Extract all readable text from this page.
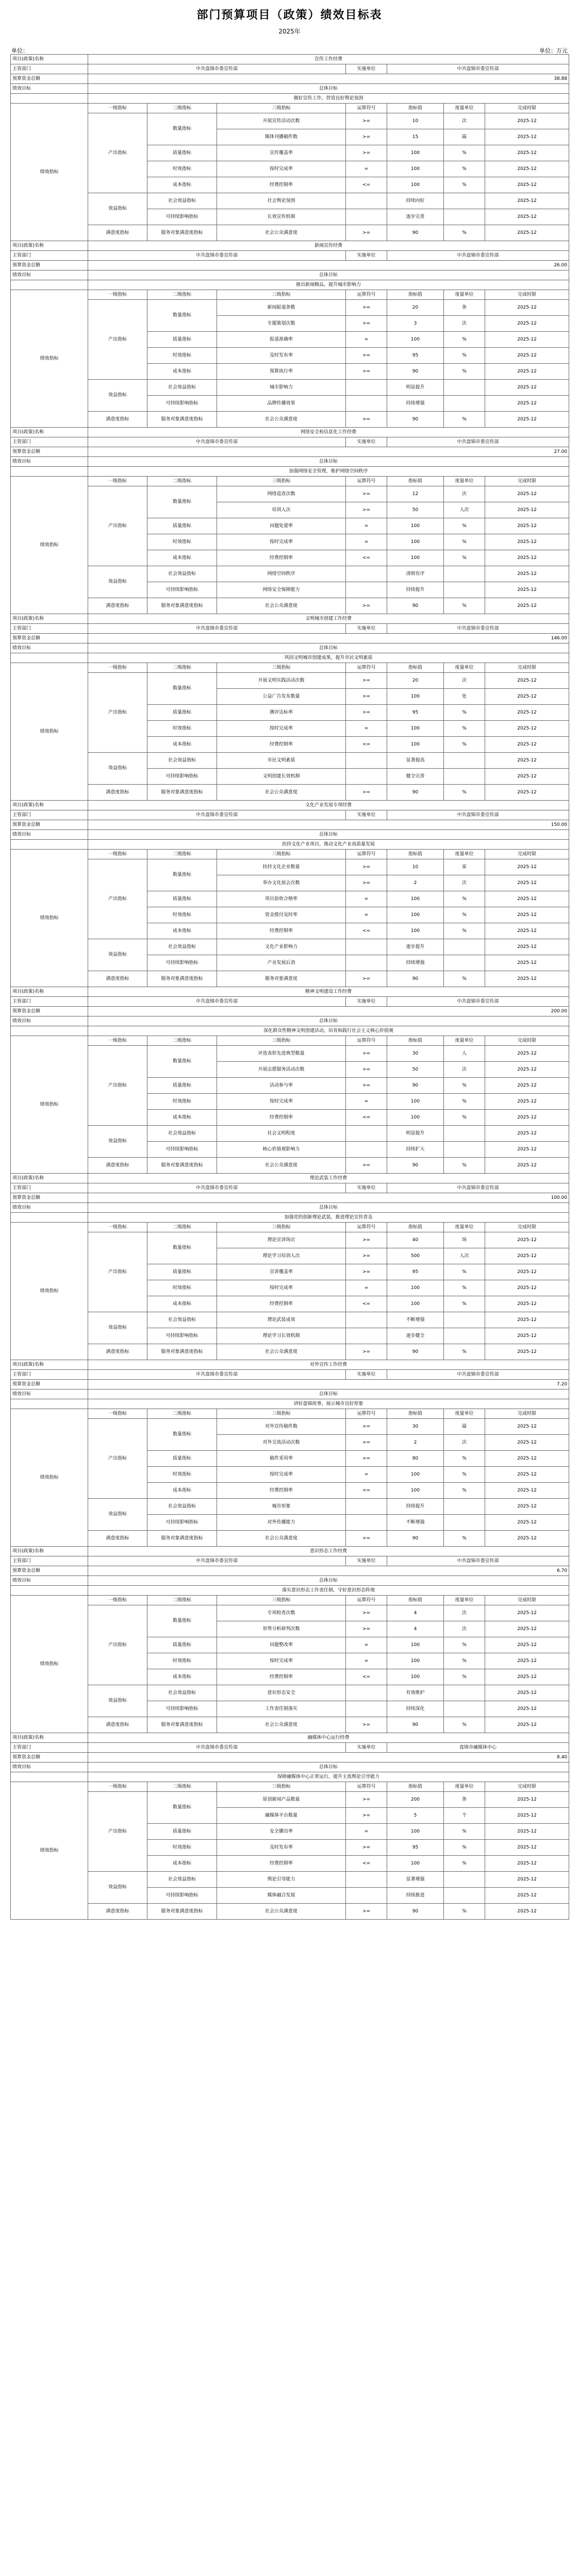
部门预算项目（政策）绩效目标表
2025年
单位：	单位：万元
项目(政策)名称	宣传工作经费						
主管部门	中共盘锦市委宣传部			实施单位	中共盘锦市委宣传部		
预算资金总额	38.88						
绩效目标	总体目标						
	做好宣传工作，营造良好舆论氛围						
绩效指标	一级指标	二级指标	三级指标	运算符号	指标值	度量单位	完成时限
	产出指标	数量指标	开展宣传活动次数	>=	10	次	2025-12
			媒体刊播稿件数	>=	15	篇	2025-12
		质量指标	宣传覆盖率	>=	100	%	2025-12
		时效指标	按时完成率	=	100	%	2025-12
		成本指标	经费控制率	<=	100	%	2025-12
	效益指标	社会效益指标	社会舆论氛围		持续向好		2025-12
		可持续影响指标	长效宣传机制		逐步完善		2025-12
	满意度指标	服务对象满意度指标	社会公众满意度	>=	90	%	2025-12
项目(政策)名称	新闻宣传经费						
主管部门	中共盘锦市委宣传部			实施单位	中共盘锦市委宣传部		
预算资金总额	26.00						
绩效目标	总体目标						
	推出新闻精品，提升城市影响力						
绩效指标	一级指标	二级指标	三级指标	运算符号	指标值	度量单位	完成时限
	产出指标	数量指标	新闻报道条数	>=	20	条	2025-12
			专题策划次数	>=	3	次	2025-12
		质量指标	报道准确率	=	100	%	2025-12
		时效指标	及时发布率	>=	95	%	2025-12
		成本指标	预算执行率	>=	90	%	2025-12
	效益指标	社会效益指标	城市影响力		明显提升		2025-12
		可持续影响指标	品牌传播效果		持续增强		2025-12
	满意度指标	服务对象满意度指标	社会公众满意度	>=	90	%	2025-12
项目(政策)名称	网络安全和信息化工作经费						
主管部门	中共盘锦市委宣传部			实施单位	中共盘锦市委宣传部		
预算资金总额	27.00						
绩效目标	总体目标						
	加强网络安全管理，维护网络空间秩序						
绩效指标	一级指标	二级指标	三级指标	运算符号	指标值	度量单位	完成时限
	产出指标	数量指标	网络巡查次数	>=	12	次	2025-12
			培训人次	>=	50	人次	2025-12
		质量指标	问题处置率	=	100	%	2025-12
		时效指标	按时完成率	=	100	%	2025-12
		成本指标	经费控制率	<=	100	%	2025-12
	效益指标	社会效益指标	网络空间秩序		清朗有序		2025-12
		可持续影响指标	网络安全保障能力		持续提升		2025-12
	满意度指标	服务对象满意度指标	社会公众满意度	>=	90	%	2025-12
项目(政策)名称	文明城市创建工作经费						
主管部门	中共盘锦市委宣传部			实施单位	中共盘锦市委宣传部		
预算资金总额	146.00						
绩效目标	总体目标						
	巩固文明城市创建成果，提升市民文明素质						
绩效指标	一级指标	二级指标	三级指标	运算符号	指标值	度量单位	完成时限
	产出指标	数量指标	开展文明实践活动次数	>=	20	次	2025-12
			公益广告发布数量	>=	100	处	2025-12
		质量指标	测评达标率	>=	95	%	2025-12
		时效指标	按时完成率	=	100	%	2025-12
		成本指标	经费控制率	<=	100	%	2025-12
	效益指标	社会效益指标	市民文明素质		显著提高		2025-12
		可持续影响指标	文明创建长效机制		健全完善		2025-12
	满意度指标	服务对象满意度指标	社会公众满意度	>=	90	%	2025-12
项目(政策)名称	文化产业发展专项经费						
主管部门	中共盘锦市委宣传部			实施单位	中共盘锦市委宣传部		
预算资金总额	150.00						
绩效目标	总体目标						
	扶持文化产业项目，推动文化产业高质量发展						
绩效指标	一级指标	二级指标	三级指标	运算符号	指标值	度量单位	完成时限
	产出指标	数量指标	扶持文化企业数量	>=	10	家	2025-12
			举办文化展会次数	>=	2	次	2025-12
		质量指标	项目验收合格率	=	100	%	2025-12
		时效指标	资金拨付及时率	=	100	%	2025-12
		成本指标	经费控制率	<=	100	%	2025-12
	效益指标	社会效益指标	文化产业影响力		逐步提升		2025-12
		可持续影响指标	产业发展后劲		持续增强		2025-12
	满意度指标	服务对象满意度指标	服务对象满意度	>=	90	%	2025-12
项目(政策)名称	精神文明建设工作经费						
主管部门	中共盘锦市委宣传部			实施单位	中共盘锦市委宣传部		
预算资金总额	200.00						
绩效目标	总体目标						
	深化群众性精神文明创建活动，培育和践行社会主义核心价值观						
绩效指标	一级指标	二级指标	三级指标	运算符号	指标值	度量单位	完成时限
	产出指标	数量指标	评选表彰先进典型数量	>=	30	人	2025-12
			开展志愿服务活动次数	>=	50	次	2025-12
		质量指标	活动参与率	>=	90	%	2025-12
		时效指标	按时完成率	=	100	%	2025-12
		成本指标	经费控制率	<=	100	%	2025-12
	效益指标	社会效益指标	社会文明程度		明显提升		2025-12
		可持续影响指标	核心价值观影响力		持续扩大		2025-12
	满意度指标	服务对象满意度指标	社会公众满意度	>=	90	%	2025-12
项目(政策)名称	理论武装工作经费						
主管部门	中共盘锦市委宣传部			实施单位	中共盘锦市委宣传部		
预算资金总额	100.00						
绩效目标	总体目标						
	加强党的创新理论武装，推进理论宣传普及						
绩效指标	一级指标	二级指标	三级指标	运算符号	指标值	度量单位	完成时限
	产出指标	数量指标	理论宣讲场次	>=	40	场	2025-12
			理论学习培训人次	>=	500	人次	2025-12
		质量指标	宣讲覆盖率	>=	95	%	2025-12
		时效指标	按时完成率	=	100	%	2025-12
		成本指标	经费控制率	<=	100	%	2025-12
	效益指标	社会效益指标	理论武装成效		不断增强		2025-12
		可持续影响指标	理论学习长效机制		逐步健全		2025-12
	满意度指标	服务对象满意度指标	社会公众满意度	>=	90	%	2025-12
项目(政策)名称	对外宣传工作经费						
主管部门	中共盘锦市委宣传部			实施单位	中共盘锦市委宣传部		
预算资金总额	7.20						
绩效目标	总体目标						
	讲好盘锦故事，展示城市良好形象						
绩效指标	一级指标	二级指标	三级指标	运算符号	指标值	度量单位	完成时限
	产出指标	数量指标	对外宣传稿件数	>=	30	篇	2025-12
			对外交流活动次数	>=	2	次	2025-12
		质量指标	稿件采用率	>=	80	%	2025-12
		时效指标	按时完成率	=	100	%	2025-12
		成本指标	经费控制率	<=	100	%	2025-12
	效益指标	社会效益指标	城市形象		持续提升		2025-12
		可持续影响指标	对外传播能力		不断增强		2025-12
	满意度指标	服务对象满意度指标	社会公众满意度	>=	90	%	2025-12
项目(政策)名称	意识形态工作经费						
主管部门	中共盘锦市委宣传部			实施单位	中共盘锦市委宣传部		
预算资金总额	6.70						
绩效目标	总体目标						
	落实意识形态工作责任制，守好意识形态阵地						
绩效指标	一级指标	二级指标	三级指标	运算符号	指标值	度量单位	完成时限
	产出指标	数量指标	专项检查次数	>=	4	次	2025-12
			形势分析研判次数	>=	4	次	2025-12
		质量指标	问题整改率	=	100	%	2025-12
		时效指标	按时完成率	=	100	%	2025-12
		成本指标	经费控制率	<=	100	%	2025-12
	效益指标	社会效益指标	意识形态安全		有效维护		2025-12
		可持续影响指标	工作责任制落实		持续深化		2025-12
	满意度指标	服务对象满意度指标	社会公众满意度	>=	90	%	2025-12
项目(政策)名称	融媒体中心运行经费						
主管部门	中共盘锦市委宣传部			实施单位	盘锦市融媒体中心		
预算资金总额	8.40						
绩效目标	总体目标						
	保障融媒体中心正常运行，提升主流舆论引导能力						
绩效指标	一级指标	二级指标	三级指标	运算符号	指标值	度量单位	完成时限
	产出指标	数量指标	原创新闻产品数量	>=	200	条	2025-12
			融媒体平台数量	>=	5	个	2025-12
		质量指标	安全播出率	=	100	%	2025-12
		时效指标	及时发布率	>=	95	%	2025-12
		成本指标	经费控制率	<=	100	%	2025-12
	效益指标	社会效益指标	舆论引导能力		显著增强		2025-12
		可持续影响指标	媒体融合发展		持续推进		2025-12
	满意度指标	服务对象满意度指标	社会公众满意度	>=	90	%	2025-12
